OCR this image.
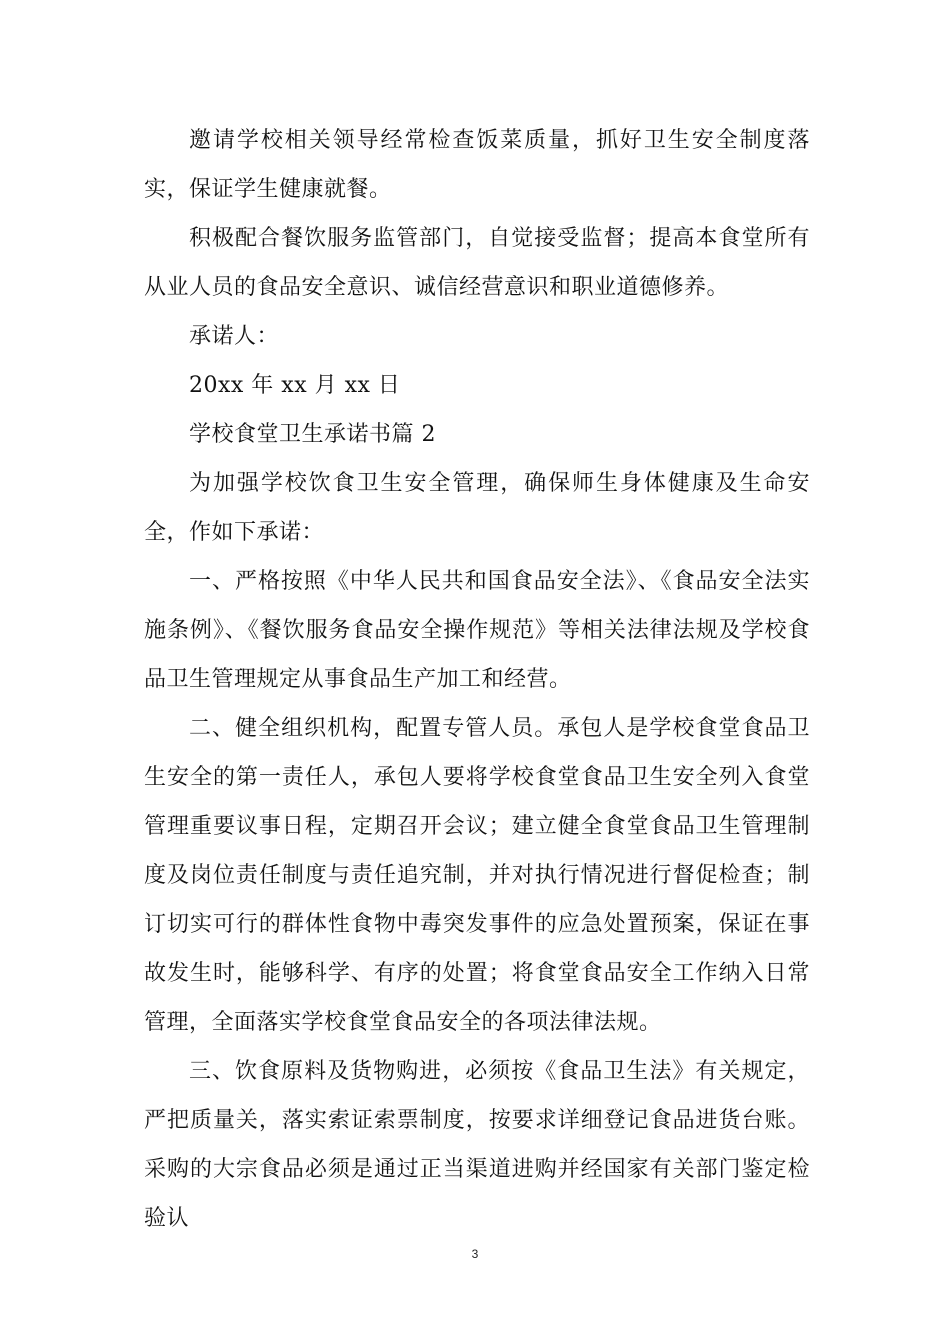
邀请学校相关领导经常检查饭菜质量，抓好卫生安全制度落实，保证学生健康就餐。

积极配合餐饮服务监管部门，自觉接受监督；提高本食堂所有从业人员的食品安全意识、诚信经营意识和职业道德修养。

承诺人：

20xx 年 xx 月 xx 日

学校食堂卫生承诺书篇 2

为加强学校饮食卫生安全管理，确保师生身体健康及生命安全，作如下承诺：

一、严格按照《中华人民共和国食品安全法》、《食品安全法实施条例》、《餐饮服务食品安全操作规范》等相关法律法规及学校食品卫生管理规定从事食品生产加工和经营。

二、健全组织机构，配置专管人员。承包人是学校食堂食品卫生安全的第一责任人，承包人要将学校食堂食品卫生安全列入食堂管理重要议事日程，定期召开会议；建立健全食堂食品卫生管理制度及岗位责任制度与责任追究制，并对执行情况进行督促检查；制订切实可行的群体性食物中毒突发事件的应急处置预案，保证在事故发生时，能够科学、有序的处置；将食堂食品安全工作纳入日常管理，全面落实学校食堂食品安全的各项法律法规。

三、饮食原料及货物购进，必须按《食品卫生法》有关规定，严把质量关，落实索证索票制度，按要求详细登记食品进货台账。采购的大宗食品必须是通过正当渠道进购并经国家有关部门鉴定检验认

3
